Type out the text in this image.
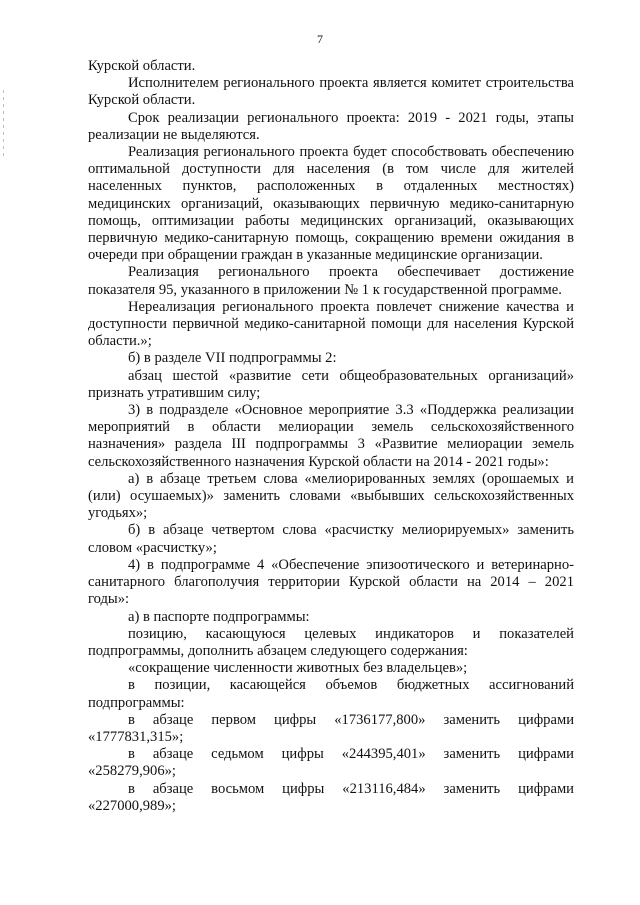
7

Курской области.

Исполнителем регионального проекта является комитет строительства Курской области.

Срок реализации регионального проекта: 2019 - 2021 годы, этапы реализации не выделяются.

Реализация регионального проекта будет способствовать обеспечению оптимальной доступности для населения (в том числе для жителей населенных пунктов, расположенных в отдаленных местностях) медицинских организаций, оказывающих первичную медико-санитарную помощь, оптимизации работы медицинских организаций, оказывающих первичную медико-санитарную помощь, сокращению времени ожидания в очереди при обращении граждан в указанные медицинские организации.

Реализация регионального проекта обеспечивает достижение показателя 95, указанного в приложении № 1 к государственной программе.

Нереализация регионального проекта повлечет снижение качества и доступности первичной медико-санитарной помощи для населения Курской области.»;

б) в разделе VII подпрограммы 2:

абзац шестой «развитие сети общеобразовательных организаций» признать утратившим силу;

3) в подразделе «Основное мероприятие 3.3 «Поддержка реализации мероприятий в области мелиорации земель сельскохозяйственного назначения» раздела III подпрограммы 3 «Развитие мелиорации земель сельскохозяйственного назначения Курской области на 2014 - 2021 годы»:

а) в абзаце третьем слова «мелиорированных землях (орошаемых и (или) осушаемых)» заменить словами «выбывших сельскохозяйственных угодьях»;

б) в абзаце четвертом слова «расчистку мелиорируемых» заменить словом «расчистку»;

4) в подпрограмме 4 «Обеспечение эпизоотического и ветеринарно-санитарного благополучия территории Курской области на 2014 – 2021 годы»:

а) в паспорте подпрограммы:

позицию, касающуюся целевых индикаторов и показателей подпрограммы, дополнить абзацем следующего содержания:

«сокращение численности животных без владельцев»;

в позиции, касающейся объемов бюджетных ассигнований подпрограммы:

в абзаце первом цифры «1736177,800» заменить цифрами «1777831,315»;

в абзаце седьмом цифры «244395,401» заменить цифрами «258279,906»;

в абзаце восьмом цифры «213116,484» заменить цифрами «227000,989»;
